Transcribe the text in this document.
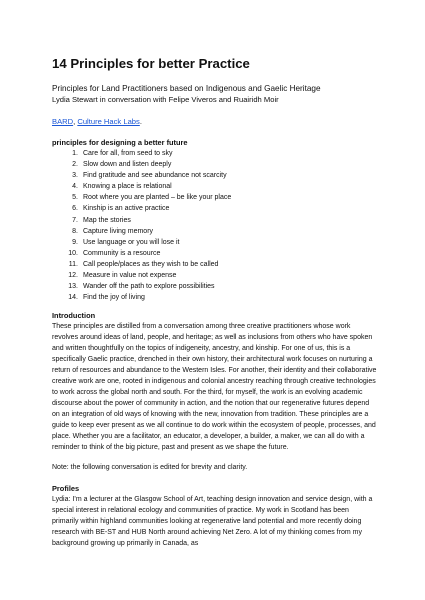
14 Principles for better Practice

Principles for Land Practitioners based on Indigenous and Gaelic Heritage

Lydia Stewart in conversation with Felipe Viveros and Ruairidh Moir

BARD, Culture Hack Labs.

principles for designing a better future

1. Care for all, from seed to sky
2. Slow down and listen deeply
3. Find gratitude and see abundance not scarcity
4. Knowing a place is relational
5. Root where you are planted – be like your place
6. Kinship is an active practice
7. Map the stories
8. Capture living memory
9. Use language or you will lose it
10. Community is a resource
11. Call people/places as they wish to be called
12. Measure in value not expense
13. Wander off the path to explore possibilities
14. Find the joy of living

Introduction

These principles are distilled from a conversation among three creative practitioners whose work revolves around ideas of land, people, and heritage; as well as inclusions from others who have spoken and written thoughtfully on the topics of indigeneity, ancestry, and kinship. For one of us, this is a specifically Gaelic practice, drenched in their own history, their architectural work focuses on nurturing a return of resources and abundance to the Western Isles. For another, their identity and their collaborative creative work are one, rooted in indigenous and colonial ancestry reaching through creative technologies to work across the global north and south. For the third, for myself, the work is an evolving academic discourse about the power of community in action, and the notion that our regenerative futures depend on an integration of old ways of knowing with the new, innovation from tradition. These principles are a guide to keep ever present as we all continue to do work within the ecosystem of people, processes, and place. Whether you are a facilitator, an educator, a developer, a builder, a maker, we can all do with a reminder to think of the big picture, past and present as we shape the future.

Note: the following conversation is edited for brevity and clarity.

Profiles

Lydia: I’m a lecturer at the Glasgow School of Art, teaching design innovation and service design, with a special interest in relational ecology and communities of practice. My work in Scotland has been primarily within highland communities looking at regenerative land potential and more recently doing research with BE-ST and HUB North around achieving Net Zero. A lot of my thinking comes from my background growing up primarily in Canada, as
